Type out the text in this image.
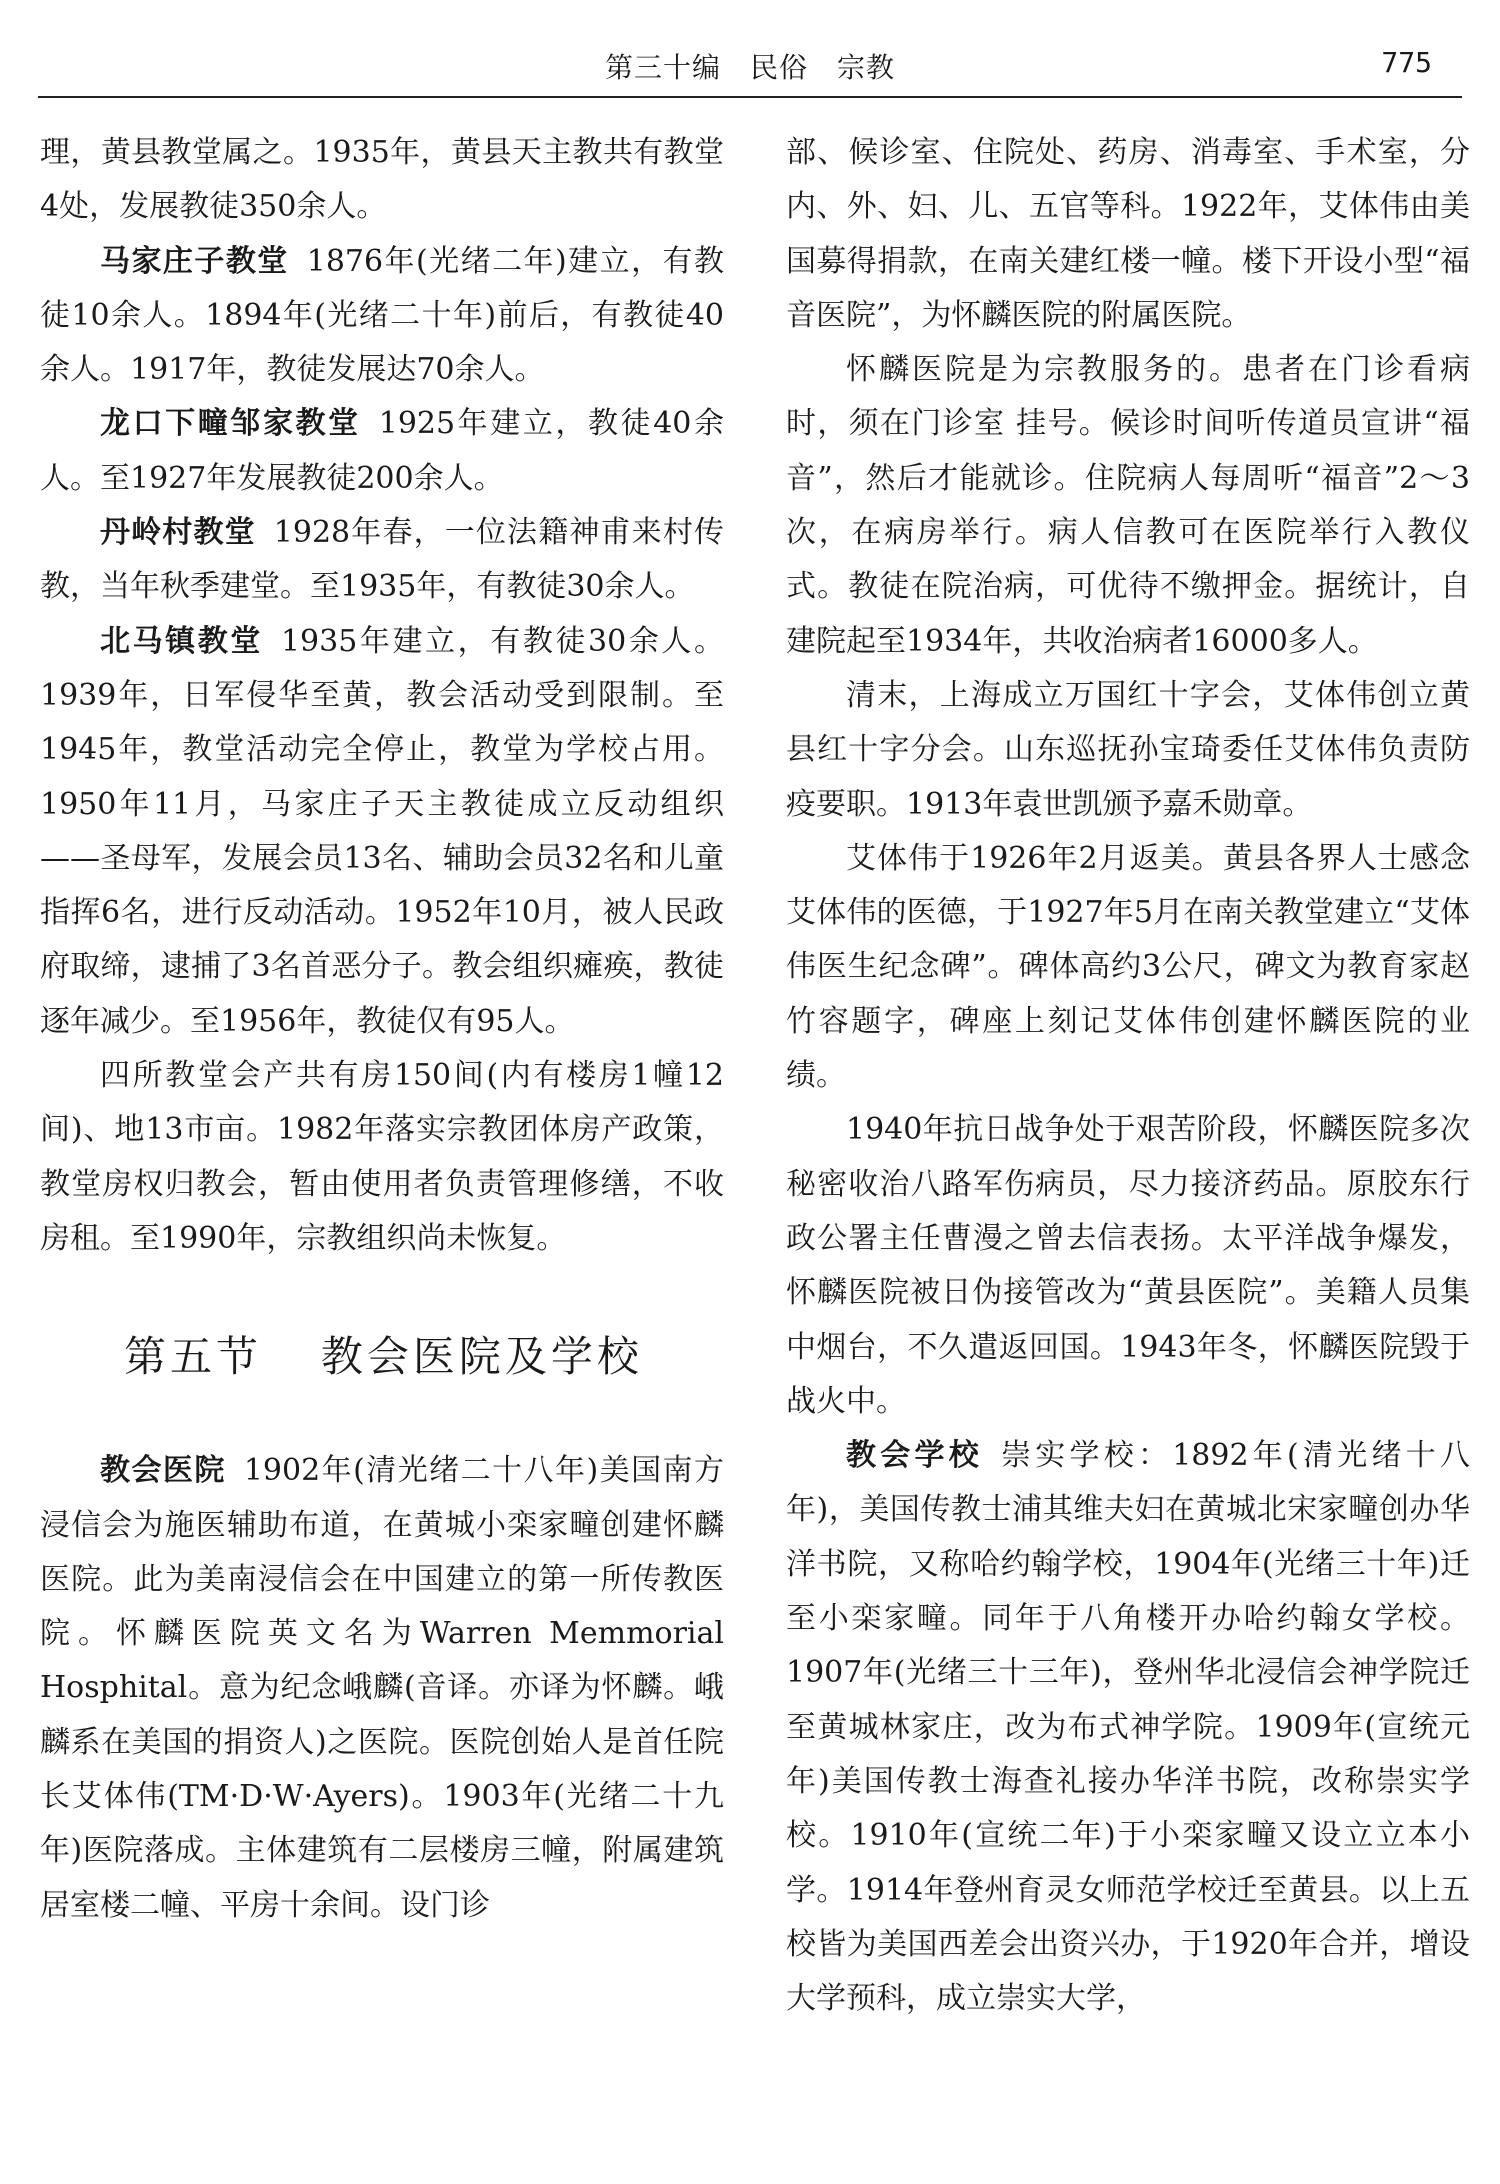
第三十编　民俗　宗教	775

理，黄县教堂属之。1935年，黄县天主教共有教堂4处，发展教徒350余人。

马家庄子教堂 1876年(光绪二年)建立，有教徒10余人。1894年(光绪二十年)前后，有教徒40余人。1917年，教徒发展达70余人。

龙口下疃邹家教堂 1925年建立，教徒40余人。至1927年发展教徒200余人。

丹岭村教堂 1928年春，一位法籍神甫来村传教，当年秋季建堂。至1935年，有教徒30余人。

北马镇教堂 1935年建立，有教徒30余人。1939年，日军侵华至黄，教会活动受到限制。至1945年，教堂活动完全停止，教堂为学校占用。1950年11月，马家庄子天主教徒成立反动组织——圣母军，发展会员13名、辅助会员32名和儿童指挥6名，进行反动活动。1952年10月，被人民政府取缔，逮捕了3名首恶分子。教会组织瘫痪，教徒逐年减少。至1956年，教徒仅有95人。

四所教堂会产共有房150间(内有楼房1幢12间)、地13市亩。1982年落实宗教团体房产政策，教堂房权归教会，暂由使用者负责管理修缮，不收房租。至1990年，宗教组织尚未恢复。

第五节 教会医院及学校

教会医院 1902年(清光绪二十八年)美国南方浸信会为施医辅助布道，在黄城小栾家疃创建怀麟医院。此为美南浸信会在中国建立的第一所传教医院。怀麟医院英文名为Warren Memmorial Hosphital。意为纪念峨麟(音译。亦译为怀麟。峨麟系在美国的捐资人)之医院。医院创始人是首任院长艾体伟(TM·D·W·Ayers)。1903年(光绪二十九年)医院落成。主体建筑有二层楼房三幢，附属建筑居室楼二幢、平房十余间。设门诊

部、候诊室、住院处、药房、消毒室、手术室，分内、外、妇、儿、五官等科。1922年，艾体伟由美国募得捐款，在南关建红楼一幢。楼下开设小型“福音医院”，为怀麟医院的附属医院。

怀麟医院是为宗教服务的。患者在门诊看病时，须在门诊室 挂号。候诊时间听传道员宣讲“福音”，然后才能就诊。住院病人每周听“福音”2～3次，在病房举行。病人信教可在医院举行入教仪式。教徒在院治病，可优待不缴押金。据统计，自建院起至1934年，共收治病者16000多人。

清末，上海成立万国红十字会，艾体伟创立黄县红十字分会。山东巡抚孙宝琦委任艾体伟负责防疫要职。1913年袁世凯颁予嘉禾勋章。

艾体伟于1926年2月返美。黄县各界人士感念艾体伟的医德，于1927年5月在南关教堂建立“艾体伟医生纪念碑”。碑体高约3公尺，碑文为教育家赵竹容题字，碑座上刻记艾体伟创建怀麟医院的业绩。

1940年抗日战争处于艰苦阶段，怀麟医院多次秘密收治八路军伤病员，尽力接济药品。原胶东行政公署主任曹漫之曾去信表扬。太平洋战争爆发，怀麟医院被日伪接管改为“黄县医院”。美籍人员集中烟台，不久遣返回国。1943年冬，怀麟医院毁于战火中。

教会学校 崇实学校：1892年(清光绪十八年)，美国传教士浦其维夫妇在黄城北宋家疃创办华洋书院，又称哈约翰学校，1904年(光绪三十年)迁至小栾家疃。同年于八角楼开办哈约翰女学校。1907年(光绪三十三年)，登州华北浸信会神学院迁至黄城林家庄，改为布式神学院。1909年(宣统元年)美国传教士海查礼接办华洋书院，改称崇实学校。1910年(宣统二年)于小栾家疃又设立立本小学。1914年登州育灵女师范学校迁至黄县。以上五校皆为美国西差会出资兴办，于1920年合并，增设大学预科，成立崇实大学，
